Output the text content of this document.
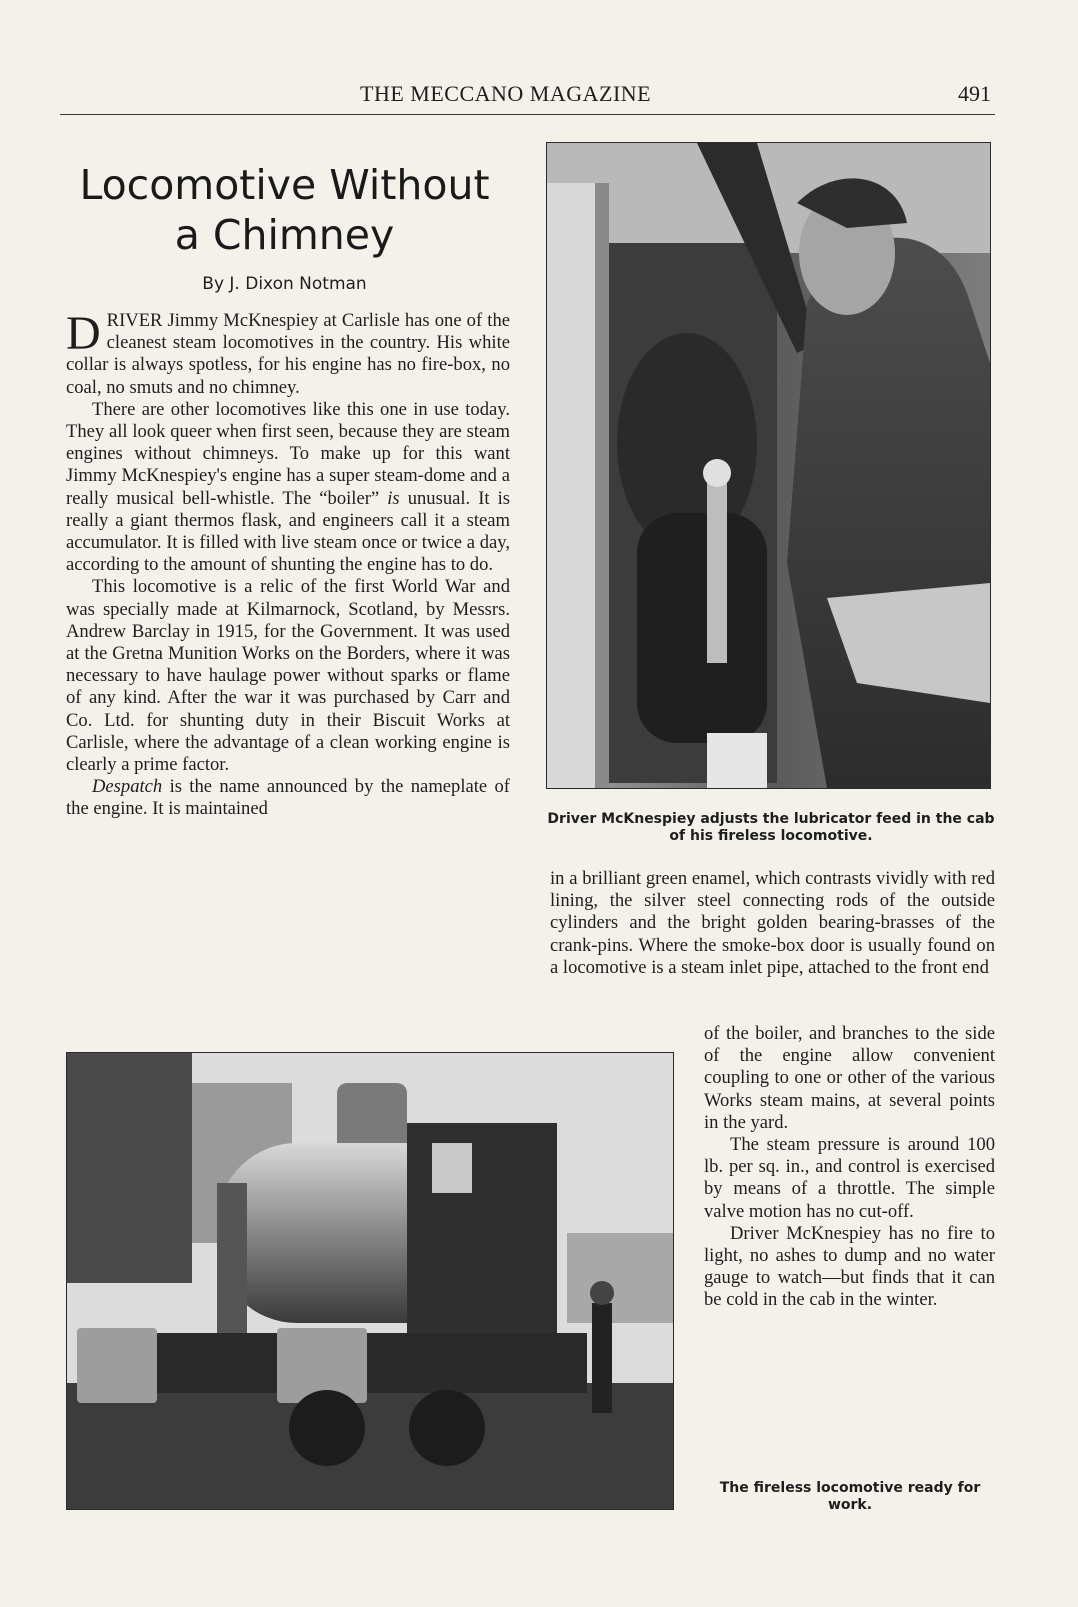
THE MECCANO MAGAZINE	491
Locomotive Without
a Chimney
By J. Dixon Notman

DRIVER Jimmy McKnespiey at Carlisle has one of the cleanest steam locomotives in the country. His white collar is always spotless, for his engine has no fire-box, no coal, no smuts and no chimney.

There are other locomotives like this one in use today. They all look queer when first seen, because they are steam engines without chimneys. To make up for this want Jimmy McKnespiey's engine has a super steam-dome and a really musical bell-whistle. The “boiler” is unusual. It is really a giant thermos flask, and engineers call it a steam accumulator. It is filled with live steam once or twice a day, according to the amount of shunting the engine has to do.

This locomotive is a relic of the first World War and was specially made at Kilmarnock, Scotland, by Messrs. Andrew Barclay in 1915, for the Government. It was used at the Gretna Munition Works on the Borders, where it was necessary to have haulage power without sparks or flame of any kind. After the war it was purchased by Carr and Co. Ltd. for shunting duty in their Biscuit Works at Carlisle, where the advantage of a clean working engine is clearly a prime factor.

Despatch is the name announced by the nameplate of the engine. It is maintained	Driver McKnespiey adjusts the lubricator feed in the cab of his fireless locomotive.

in a brilliant green enamel, which contrasts vividly with red lining, the silver steel connecting rods of the outside cylinders and the bright golden bearing-brasses of the crank-pins. Where the smoke-box door is usually found on a locomotive is a steam inlet pipe, attached to the front end

of the boiler, and branches to the side of the engine allow convenient coupling to one or other of the various Works steam mains, at several points in the yard.

The steam pressure is around 100 lb. per sq. in., and control is exercised by means of a throttle. The simple valve motion has no cut-off.

Driver McKnespiey has no fire to light, no ashes to dump and no water gauge to watch—but finds that it can be cold in the cab in the winter.

The fireless locomotive ready for work.
